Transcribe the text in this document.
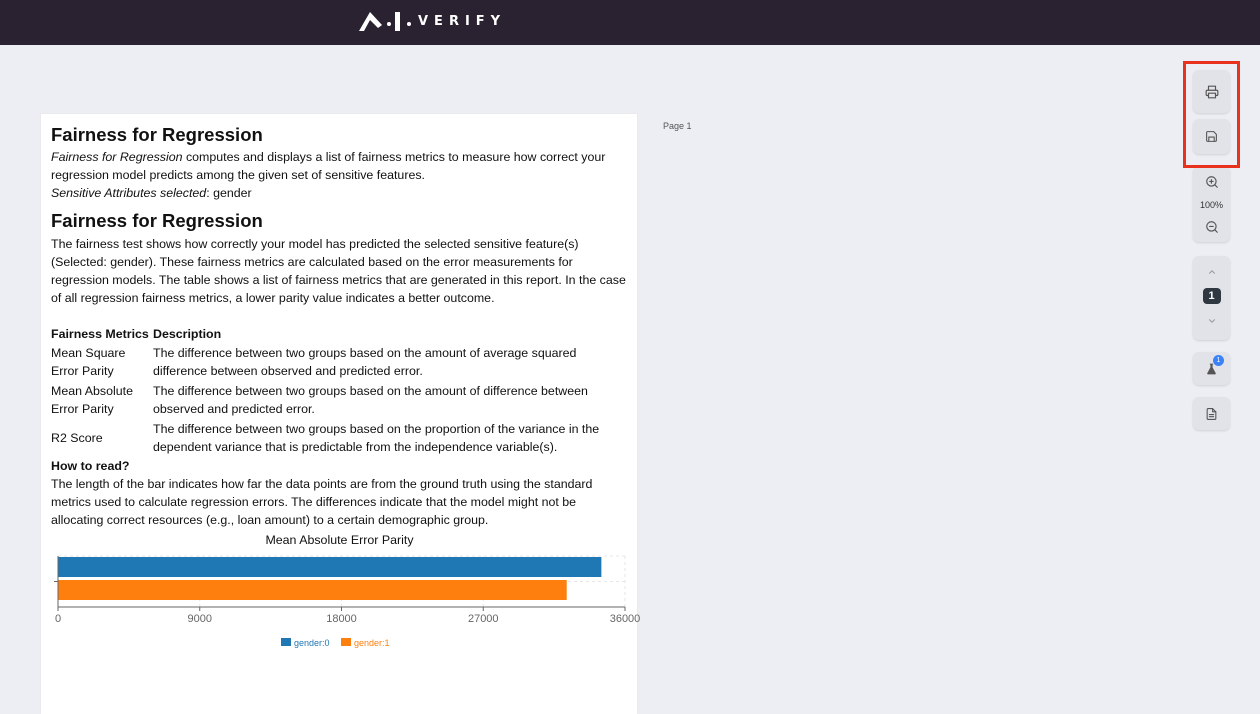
VERIFY
Fairness for Regression

Fairness for Regression computes and displays a list of fairness metrics to measure how correct your regression model predicts among the given set of sensitive features.

Sensitive Attributes selected: gender

Fairness for Regression

The fairness test shows how correctly your model has predicted the selected sensitive feature(s) (Selected: gender). These fairness metrics are calculated based on the error measurements for regression models. The table shows a list of fairness metrics that are generated in this report. In the case of all regression fairness metrics, a lower parity value indicates a better outcome.

Fairness Metrics	Description
Mean Square Error Parity	The difference between two groups based on the amount of average squared difference between observed and predicted error.
Mean Absolute Error Parity	The difference between two groups based on the amount of difference between observed and predicted error.
R2 Score	The difference between two groups based on the proportion of the variance in the dependent variance that is predictable from the independence variable(s).

How to read?

The length of the bar indicates how far the data points are from the ground truth using the standard metrics used to calculate regression errors. The differences indicate that the model might not be allocating correct resources (e.g., loan amount) to a certain demographic group.

Mean Absolute Error Parity
0	9000	18000	27000	36000
gender:0	gender:1
Page 1
100%
1
1
